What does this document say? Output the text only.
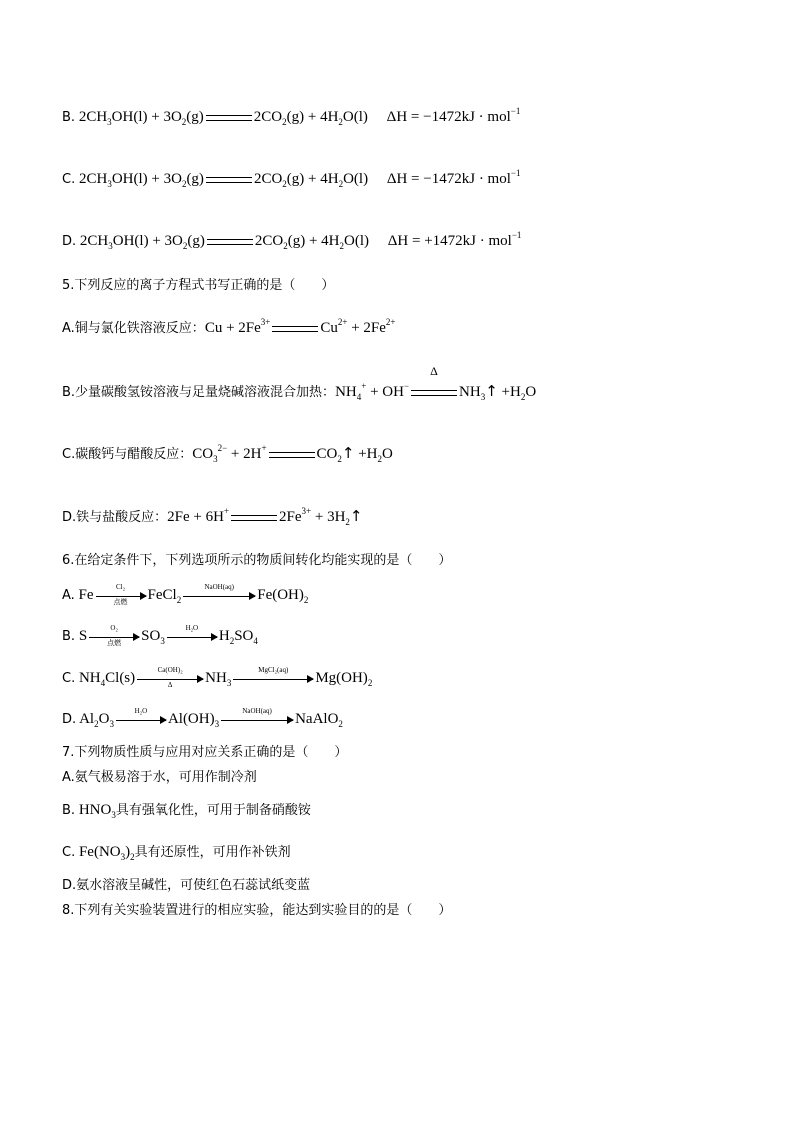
B. $2CH_3OH(l) + 3O_2(g)$	$2CO_2(g) + 4H_2O(l)$     ΔH = −1472kJ · mol$^{-1}$
C. $2CH_3OH(l) + 3O_2(g)$	$2CO_2(g) + 4H_2O(l)$     ΔH = −1472kJ · mol$^{-1}$
D. $2CH_3OH(l) + 3O_2(g)$	$2CO_2(g) + 4H_2O(l)$     ΔH = +1472kJ · mol$^{-1}$
5.下列反应的离子方程式书写正确的是（　　）
A.铜与氯化铁溶液反应：$Cu + 2Fe^{3+}$	$Cu^{2+} + 2Fe^{2+}$
B.少量碳酸氢铵溶液与足量烧碱溶液混合加热：$NH_4^+ + OH^-$
Δ
$NH_3↑ +H_2O$
C.碳酸钙与醋酸反应：$CO_3^{2-} + 2H^+$	$CO_2↑ +H_2O$
D.铁与盐酸反应：2Fe + 6H+	$2Fe^{3+}$ + $3H_2↑$
6.在给定条件下，下列选项所示的物质间转化均能实现的是（　　）
A. Fe
Cl₂
点燃	FeCl$_2$
NaOH(aq)
$Fe(OH)_2$
B. S
O₂
点燃	$SO_3$
H₂O
$H_2SO_4$
C. $NH_4Cl(s) \frac{\text{Ca(OH)₂}}{\Delta} NH_3$
MgCl₂(aq)
$Mg(OH)_2$
D. $Al_2O_3$
H₂O
$Al(OH)_3$
NaOH(aq)
NaAlO$_2$
7.下列物质性质与应用对应关系正确的是（　　）
A.氨气极易溶于水，可用作制冷剂
B. $HNO_3$具有强氧化性，可用于制备硝酸铵
C. $Fe(NO_3)_2$具有还原性，可用作补铁剂
D.氨水溶液呈碱性，可使红色石蕊试纸变蓝
8.下列有关实验装置进行的相应实验，能达到实验目的的是（　　）
